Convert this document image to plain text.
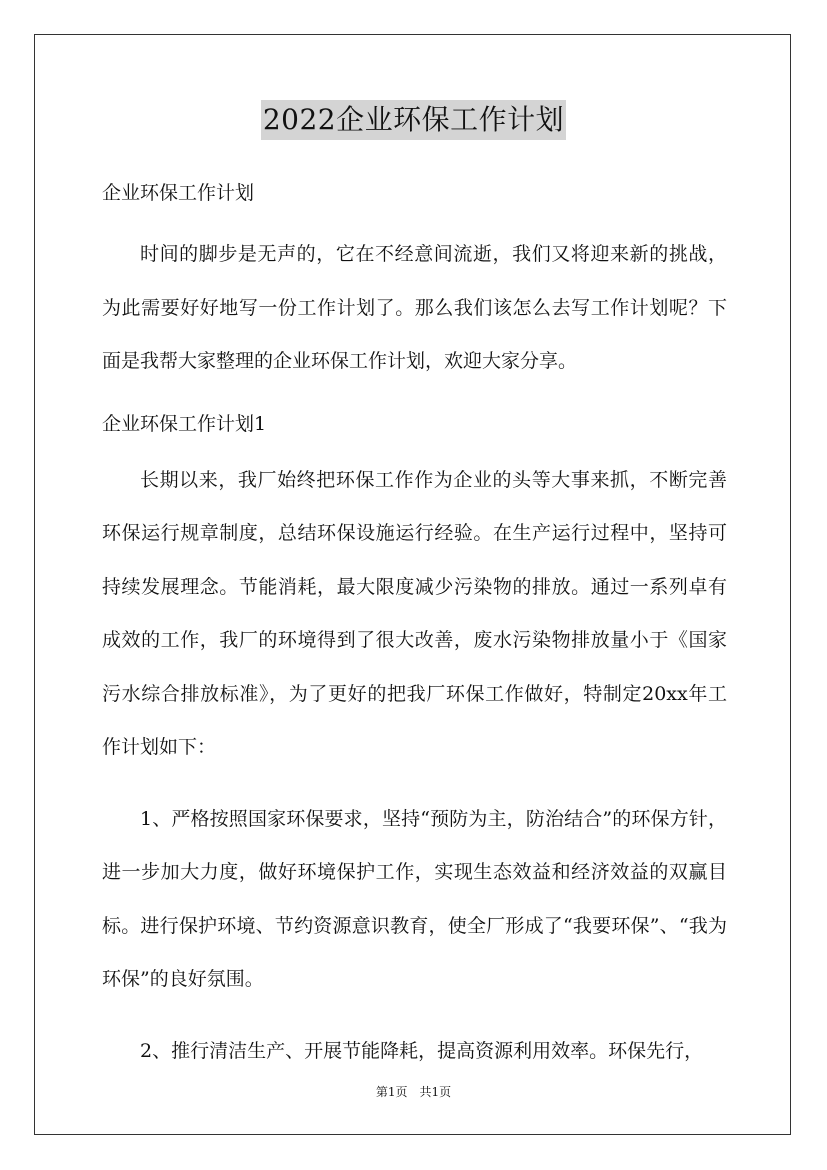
2022企业环保工作计划

企业环保工作计划

时间的脚步是无声的，它在不经意间流逝，我们又将迎来新的挑战，为此需要好好地写一份工作计划了。那么我们该怎么去写工作计划呢？下面是我帮大家整理的企业环保工作计划，欢迎大家分享。

企业环保工作计划1

长期以来，我厂始终把环保工作作为企业的头等大事来抓，不断完善环保运行规章制度，总结环保设施运行经验。在生产运行过程中，坚持可持续发展理念。节能消耗，最大限度减少污染物的排放。通过一系列卓有成效的工作，我厂的环境得到了很大改善，废水污染物排放量小于《国家污水综合排放标准》，为了更好的把我厂环保工作做好，特制定20xx年工作计划如下：

1、严格按照国家环保要求，坚持“预防为主，防治结合”的环保方针，进一步加大力度，做好环境保护工作，实现生态效益和经济效益的双赢目标。进行保护环境、节约资源意识教育，使全厂形成了“我要环保”、“我为环保”的良好氛围。

2、推行清洁生产、开展节能降耗，提高资源利用效率。环保先行，

第1页　共1页
